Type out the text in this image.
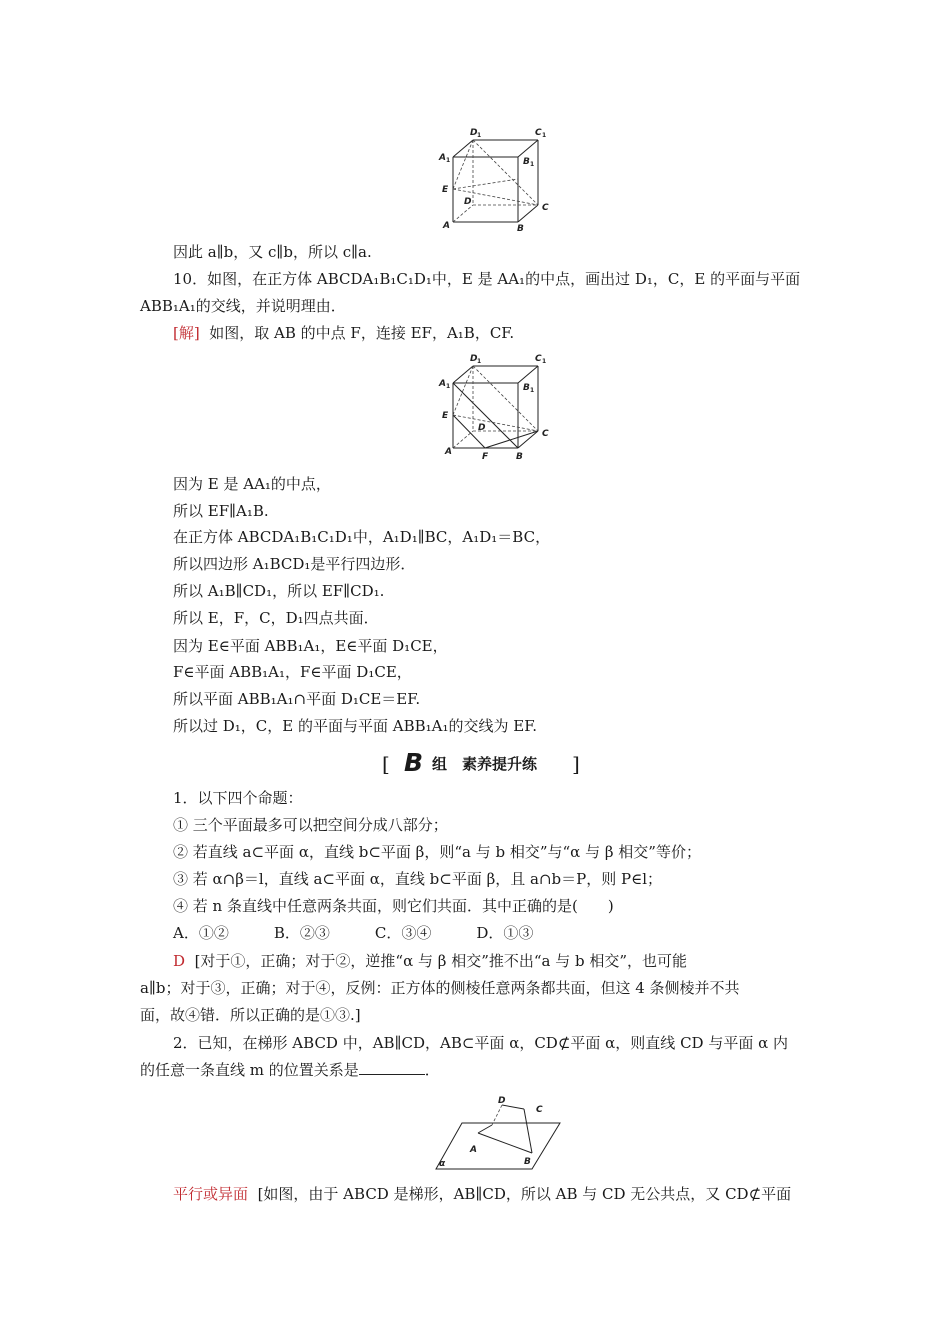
D 1	C 1
A 1	B 1
E
D
C
A	B
因此 a∥b，又 c∥b，所以 c∥a.
10．如图，在正方体 ABCDA₁B₁C₁D₁中，E 是 AA₁的中点，画出过 D₁，C，E 的平面与平面
ABB₁A₁的交线，并说明理由．
[解] 如图，取 AB 的中点 F，连接 EF，A₁B，CF.
D 1	C 1
A 1	B 1
E
D
C
A	F	B
因为 E 是 AA₁的中点，
所以 EF∥A₁B.
在正方体 ABCDA₁B₁C₁D₁中，A₁D₁∥BC，A₁D₁＝BC，
所以四边形 A₁BCD₁是平行四边形．
所以 A₁B∥CD₁，所以 EF∥CD₁.
所以 E，F，C，D₁四点共面．
因为 E∈平面 ABB₁A₁，E∈平面 D₁CE，
F∈平面 ABB₁A₁，F∈平面 D₁CE，
所以平面 ABB₁A₁∩平面 D₁CE＝EF.
所以过 D₁，C，E 的平面与平面 ABB₁A₁的交线为 EF.
[ B 组　素养提升练 ]
1．以下四个命题：
① 三个平面最多可以把空间分成八部分；
② 若直线 a⊂平面 α，直线 b⊂平面 β，则“a 与 b 相交”与“α 与 β 相交”等价；
③ 若 α∩β＝l，直线 a⊂平面 α，直线 b⊂平面 β，且 a∩b＝P，则 P∈l；
④ 若 n 条直线中任意两条共面，则它们共面．其中正确的是(　　)
A．①②　　　B．②③　　　C．③④　　　D．①③
D [对于①，正确；对于②，逆推“α 与 β 相交”推不出“a 与 b 相交”，也可能
a∥b；对于③，正确；对于④，反例：正方体的侧棱任意两条都共面，但这 4 条侧棱并不共
面，故④错．所以正确的是①③.]
2．已知，在梯形 ABCD 中，AB∥CD，AB⊂平面 α，CD⊄平面 α，则直线 CD 与平面 α 内
的任意一条直线 m 的位置关系是	．
D
C
A
B
α
平行或异面 [如图，由于 ABCD 是梯形，AB∥CD，所以 AB 与 CD 无公共点，又 CD⊄平面
